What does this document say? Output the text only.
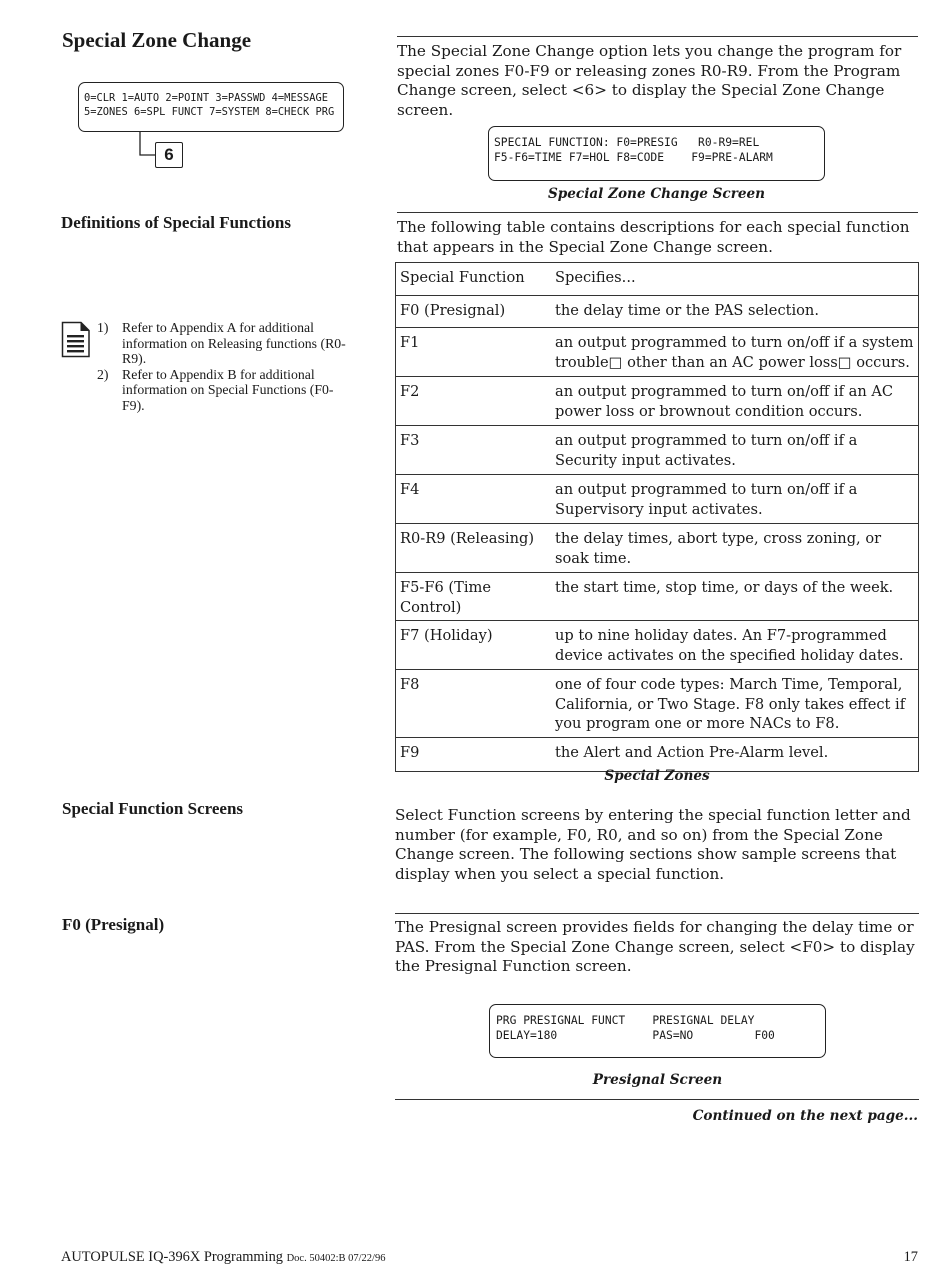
Special Zone Change
0=CLR 1=AUTO 2=POINT 3=PASSWD 4=MESSAGE
5=ZONES 6=SPL FUNCT 7=SYSTEM 8=CHECK PRG
6
Definitions of Special Functions
1) Refer to Appendix A for additional information on Releasing functions (R0-R9).
2) Refer to Appendix B for additional information on Special Functions (F0-F9).
Special Function Screens
F0 (Presignal)
The Special Zone Change option lets you change the program for special zones F0-F9 or releasing zones R0-R9. From the Program Change screen, select <6> to display the Special Zone Change screen.
SPECIAL FUNCTION: F0=PRESIG   R0-R9=REL
F5-F6=TIME F7=HOL F8=CODE    F9=PRE-ALARM
Special Zone Change Screen
The following table contains descriptions for each special function that appears in the Special Zone Change screen.
Special Function	Specifies...
F0 (Presignal)	the delay time or the PAS selection.
F1	an output programmed to turn on/off if a system trouble□ other than an AC power loss□ occurs.
F2	an output programmed to turn on/off if an AC power loss or brownout condition occurs.
F3	an output programmed to turn on/off if a Security input activates.
F4	an output programmed to turn on/off if a Supervisory input activates.
R0-R9 (Releasing)	the delay times, abort type, cross zoning, or soak time.
F5-F6 (Time Control)	the start time, stop time, or days of the week.
F7 (Holiday)	up to nine holiday dates. An F7-programmed device activates on the specified holiday dates.
F8	one of four code types: March Time, Temporal, California, or Two Stage. F8 only takes effect if you program one or more NACs to F8.
F9	the Alert and Action Pre-Alarm level.
Special Zones
Select Function screens by entering the special function letter and number (for example, F0, R0, and so on) from the Special Zone Change screen. The following sections show sample screens that display when you select a special function.
The Presignal screen provides fields for changing the delay time or PAS. From the Special Zone Change screen, select <F0> to display the Presignal Function screen.
PRG PRESIGNAL FUNCT    PRESIGNAL DELAY
DELAY=180              PAS=NO         F00
Presignal Screen
Continued on the next page...
AUTOPULSE IQ-396X Programming Doc. 50402:B 07/22/96	17
